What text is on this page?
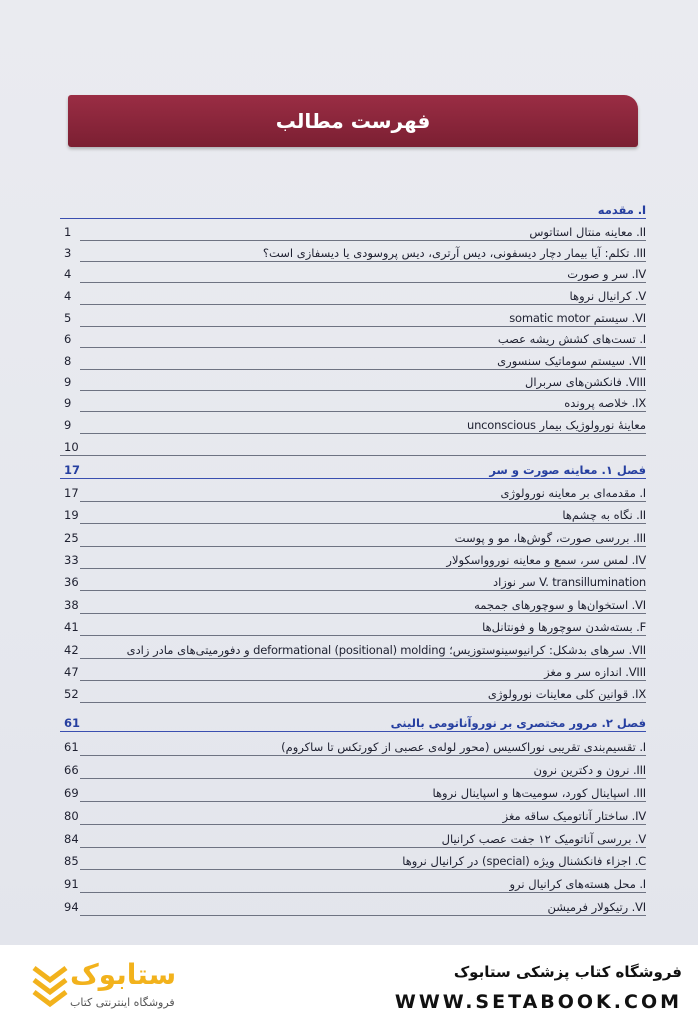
فهرست مطالب
I. مقدمه
II. معاینه منتال استاتوس
1
III. تکلم: آیا بیمار دچار دیسفونی، دیس آرتری، دیس پروسودی یا دیسفازی است؟
3
IV. سر و صورت
4
V. کرانیال نروها
4
VI. سیستم somatic motor
5
I. تست‌های کشش ریشه عصب
6
VII. سیستم سوماتیک سنسوری
8
VIII. فانکشن‌های سربرال
9
IX. خلاصه پرونده
9
معاینهٔ نورولوژیک بیمار unconscious
9
10
فصل ۱. معاینه صورت و سر
17
I. مقدمه‌ای بر معاینه نورولوژی
17
II. نگاه به چشم‌ها
19
III. بررسی صورت، گوش‌ها، مو و پوست
25
IV. لمس سر، سمع و معاینه نوروواسکولار
33
V. transillumination سر نوزاد
36
VI. استخوان‌ها و سوچورهای جمجمه
38
F. بسته‌شدن سوچورها و فونتانل‌ها
41
VII. سرهای بدشکل: کرانیوسینوستوزیس؛ deformational (positional) molding و دفورمیتی‌های مادر زادی
42
VIII. اندازه سر و مغز
47
IX. قوانین کلی معاینات نورولوژی
52
فصل ۲. مرور مختصری بر نوروآناتومی بالینی
61
I. تقسیم‌بندی تقریبی نوراکسیس (محور لوله‌ی عصبی از کورتکس تا ساکروم)
61
III. نرون و دکترین نرون
66
III. اسپاینال کورد، سومیت‌ها و اسپاینال نروها
69
IV. ساختار آناتومیک ساقه مغز
80
V. بررسی آناتومیک ۱۲ جفت عصب کرانیال
84
C. اجزاء فانکشنال ویژه (special) در کرانیال نروها
85
I. محل هسته‌های کرانیال نرو
91
VI. رتیکولار فرمیشن
94
فروشگاه کتاب پزشکی ستابوک
WWW.SETABOOK.COM
ستابوک
فروشگاه اینترنتی کتاب
